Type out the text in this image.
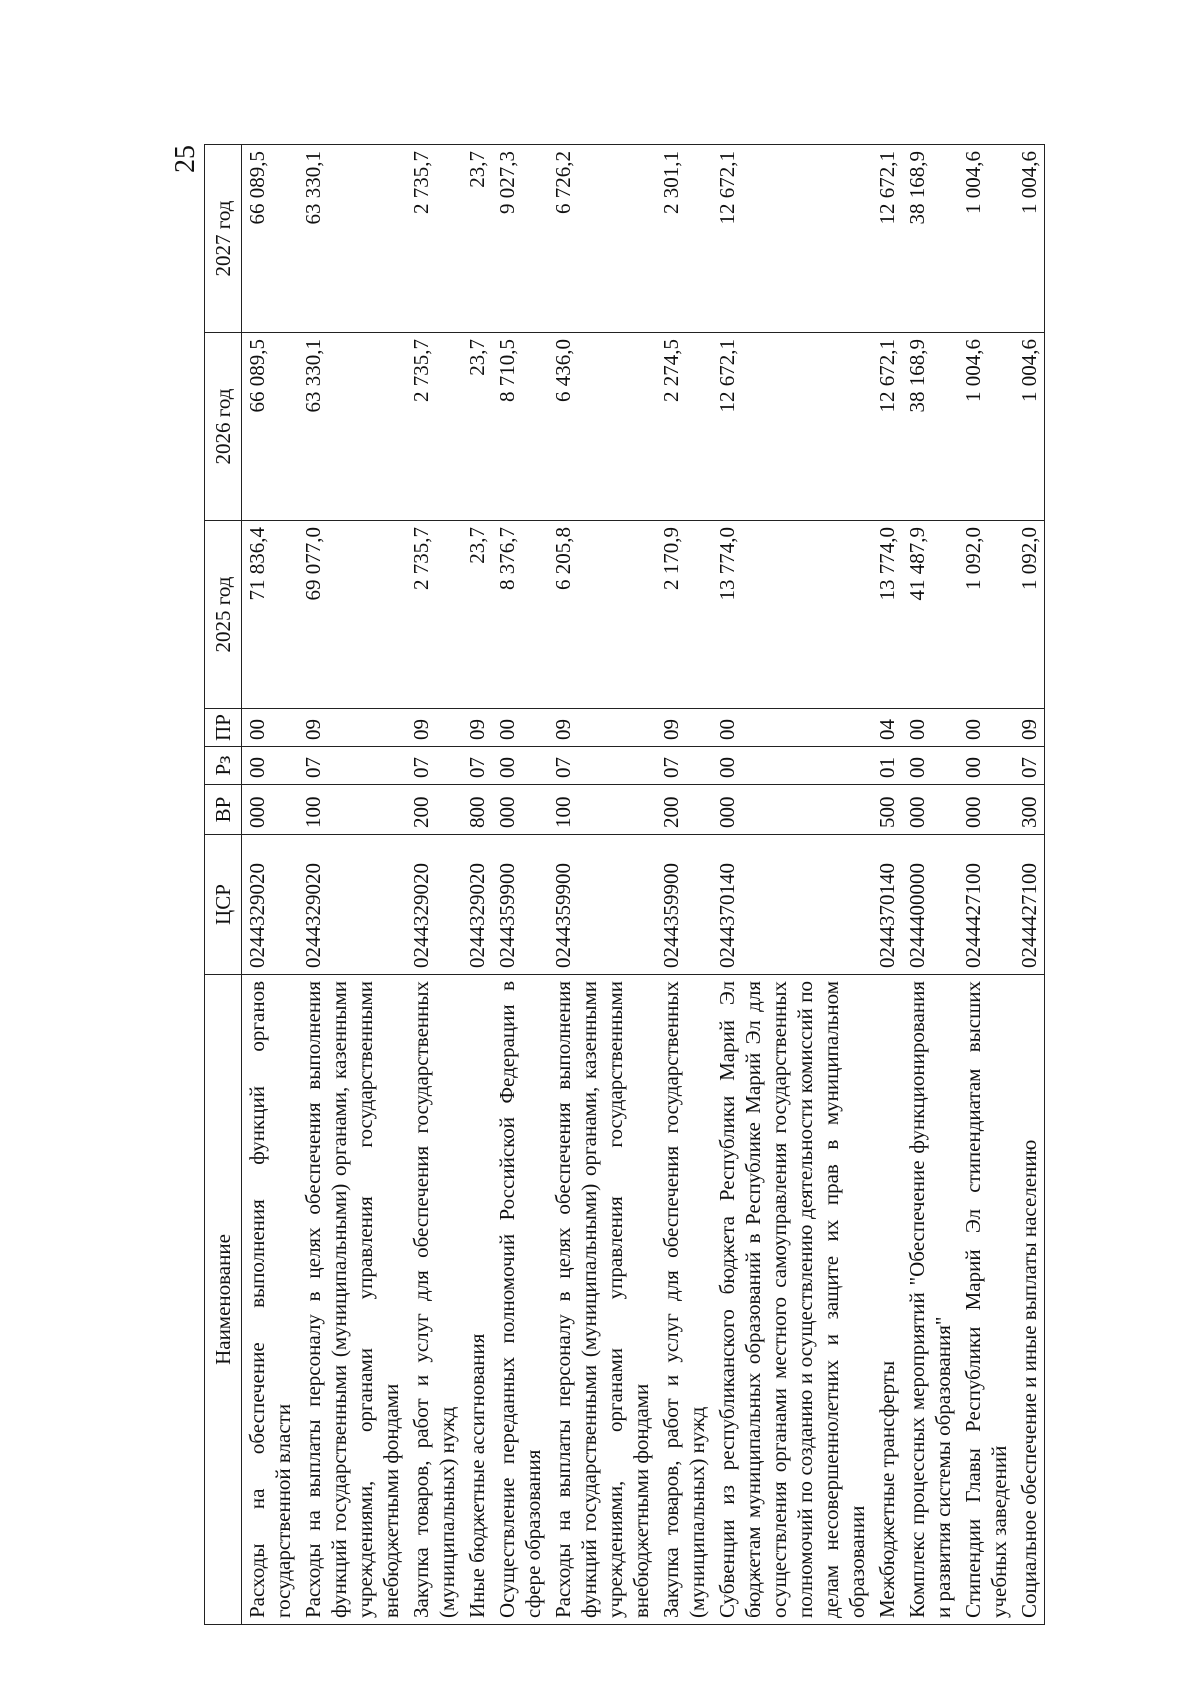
25
Наименование	ЦСР	ВР	Рз	ПР	2025 год	2026 год	2027 год
Расходы на обеспечение выполнения функций органов государственной власти	0244329020	000	00	00	71 836,4	66 089,5	66 089,5
Расходы на выплаты персоналу в целях обеспечения выполнения функций государственными (муниципальными) органами, казенными учреждениями, органами управления государственными внебюджетными фондами	0244329020	100	07	09	69 077,0	63 330,1	63 330,1
Закупка товаров, работ и услуг для обеспечения государственных (муниципальных) нужд	0244329020	200	07	09	2 735,7	2 735,7	2 735,7
Иные бюджетные ассигнования	0244329020	800	07	09	23,7	23,7	23,7
Осуществление переданных полномочий Российской Федерации в сфере образования	0244359900	000	00	00	8 376,7	8 710,5	9 027,3
Расходы на выплаты персоналу в целях обеспечения выполнения функций государственными (муниципальными) органами, казенными учреждениями, органами управления государственными внебюджетными фондами	0244359900	100	07	09	6 205,8	6 436,0	6 726,2
Закупка товаров, работ и услуг для обеспечения государственных (муниципальных) нужд	0244359900	200	07	09	2 170,9	2 274,5	2 301,1
Субвенции из республиканского бюджета Республики Марий Эл бюджетам муниципальных образований в Республике Марий Эл для осуществления органами местного самоуправления государственных полномочий по созданию и осуществлению деятельности комиссий по делам несовершеннолетних и защите их прав в муниципальном образовании	0244370140	000	00	00	13 774,0	12 672,1	12 672,1
Межбюджетные трансферты	0244370140	500	01	04	13 774,0	12 672,1	12 672,1
Комплекс процессных мероприятий "Обеспечение функционирования и развития системы образования"	0244400000	000	00	00	41 487,9	38 168,9	38 168,9
Стипендии Главы Республики Марий Эл стипендиатам высших учебных заведений	0244427100	000	00	00	1 092,0	1 004,6	1 004,6
Социальное обеспечение и иные выплаты населению	0244427100	300	07	09	1 092,0	1 004,6	1 004,6
